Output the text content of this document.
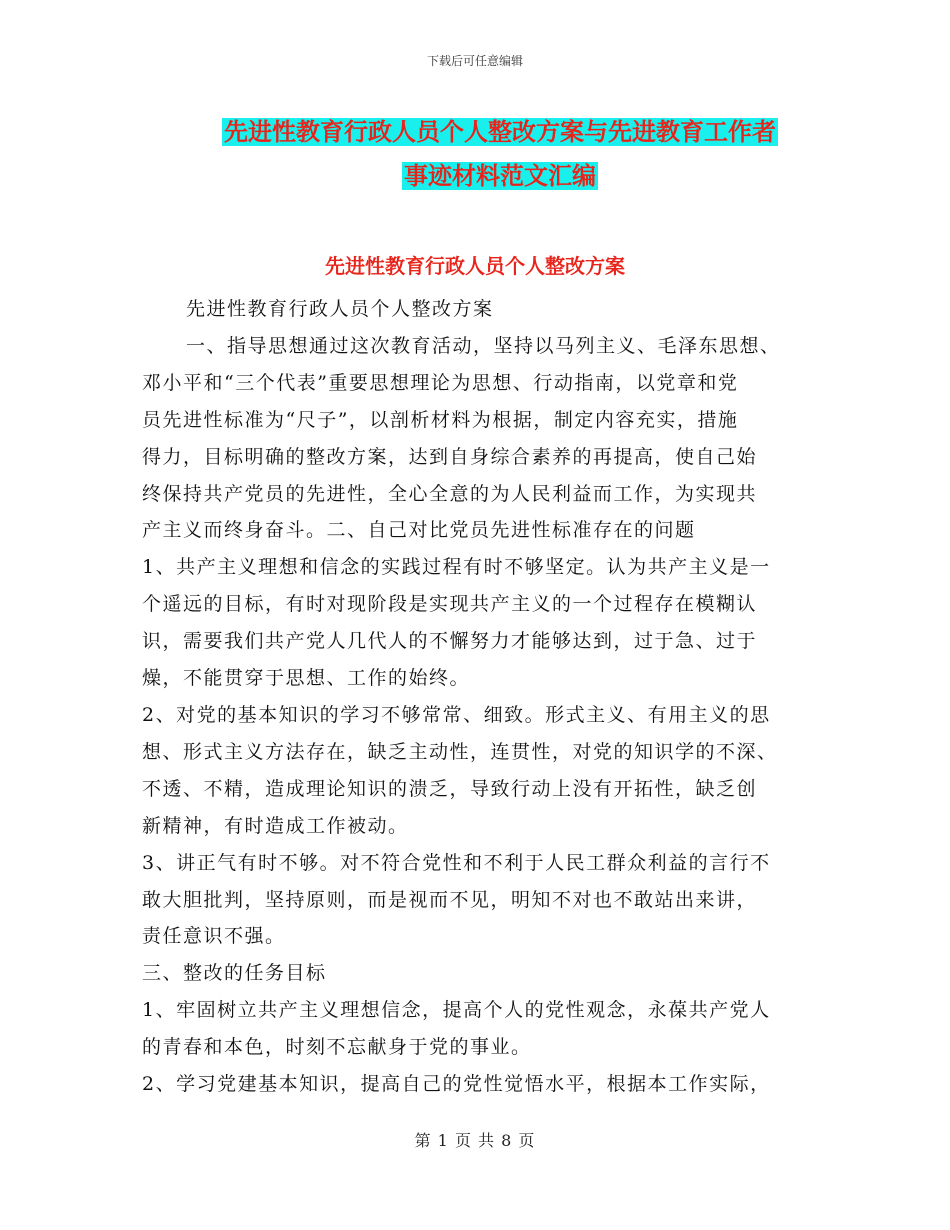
下载后可任意编辑
先进性教育行政人员个人整改方案与先进教育工作者
事迹材料范文汇编
先进性教育行政人员个人整改方案
先进性教育行政人员个人整改方案
一、指导思想通过这次教育活动，坚持以马列主义、毛泽东思想、
邓小平和“三个代表”重要思想理论为思想、行动指南，以党章和党
员先进性标准为“尺子”，以剖析材料为根据，制定内容充实，措施
得力，目标明确的整改方案，达到自身综合素养的再提高，使自己始
终保持共产党员的先进性，全心全意的为人民利益而工作，为实现共
产主义而终身奋斗。二、自己对比党员先进性标准存在的问题
1、共产主义理想和信念的实践过程有时不够坚定。认为共产主义是一
个遥远的目标，有时对现阶段是实现共产主义的一个过程存在模糊认
识，需要我们共产党人几代人的不懈努力才能够达到，过于急、过于
燥，不能贯穿于思想、工作的始终。
2、对党的基本知识的学习不够常常、细致。形式主义、有用主义的思
想、形式主义方法存在，缺乏主动性，连贯性，对党的知识学的不深、
不透、不精，造成理论知识的溃乏，导致行动上没有开拓性，缺乏创
新精神，有时造成工作被动。
3、讲正气有时不够。对不符合党性和不利于人民工群众利益的言行不
敢大胆批判，坚持原则，而是视而不见，明知不对也不敢站出来讲，
责任意识不强。
三、整改的任务目标
1、牢固树立共产主义理想信念，提高个人的党性观念，永葆共产党人
的青春和本色，时刻不忘献身于党的事业。
2、学习党建基本知识，提高自己的党性觉悟水平，根据本工作实际，
第 1 页 共 8 页
